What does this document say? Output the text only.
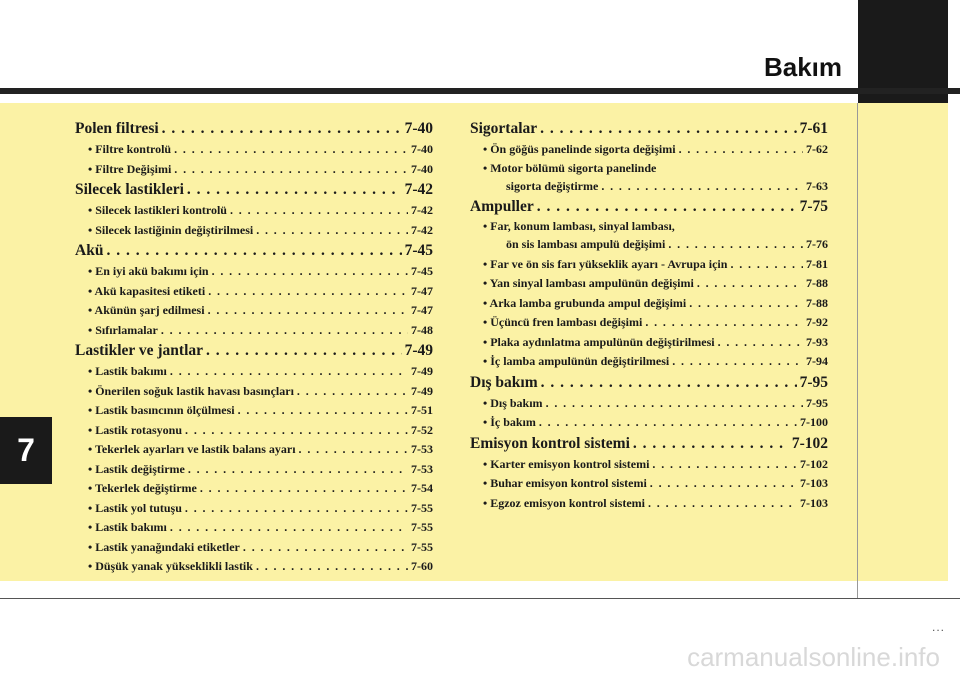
Bakım
7
Polen filtresi . . .	7-40
• Filtre kontrolü . . .	7-40
• Filtre Değişimi . . .	7-40
Silecek lastikleri . . .	7-42
• Silecek lastikleri kontrolü . . .	7-42
• Silecek lastiğinin değiştirilmesi . . .	7-42
Akü . . .	7-45
• En iyi akü bakımı için . . .	7-45
• Akü kapasitesi etiketi . . .	7-47
• Akünün şarj edilmesi . . .	7-47
• Sıfırlamalar . . .	7-48
Lastikler ve jantlar . . .	7-49
• Lastik bakımı . . .	7-49
• Önerilen soğuk lastik havası basınçları . . .	7-49
• Lastik basıncının ölçülmesi . . .	7-51
• Lastik rotasyonu . . .	7-52
• Tekerlek ayarları ve lastik balans ayarı . . .	7-53
• Lastik değiştirme . . .	7-53
• Tekerlek değiştirme . . .	7-54
• Lastik yol tutuşu . . .	7-55
• Lastik bakımı . . .	7-55
• Lastik yanağındaki etiketler . . .	7-55
• Düşük yanak yükseklikli lastik . . .	7-60
Sigortalar . . .	7-61
• Ön göğüs panelinde sigorta değişimi . . .	7-62
• Motor bölümü sigorta panelinde
sigorta değiştirme . . .	7-63
Ampuller . . .	7-75
• Far, konum lambası, sinyal lambası,
ön sis lambası ampulü değişimi . . .	7-76
• Far ve ön sis farı yükseklik ayarı - Avrupa için . . .	7-81
• Yan sinyal lambası ampulünün değişimi . . .	7-88
• Arka lamba grubunda ampul değişimi . . .	7-88
• Üçüncü fren lambası değişimi . . .	7-92
• Plaka aydınlatma ampulünün değiştirilmesi . . .	7-93
• İç lamba ampulünün değiştirilmesi . . .	7-94
Dış bakım . . .	7-95
• Dış bakım . . .	7-95
• İç bakım . . .	7-100
Emisyon kontrol sistemi . . .	7-102
• Karter emisyon kontrol sistemi . . .	7-102
• Buhar emisyon kontrol sistemi . . .	7-103
• Egzoz emisyon kontrol sistemi . . .	7-103
...
carmanualsonline.info
